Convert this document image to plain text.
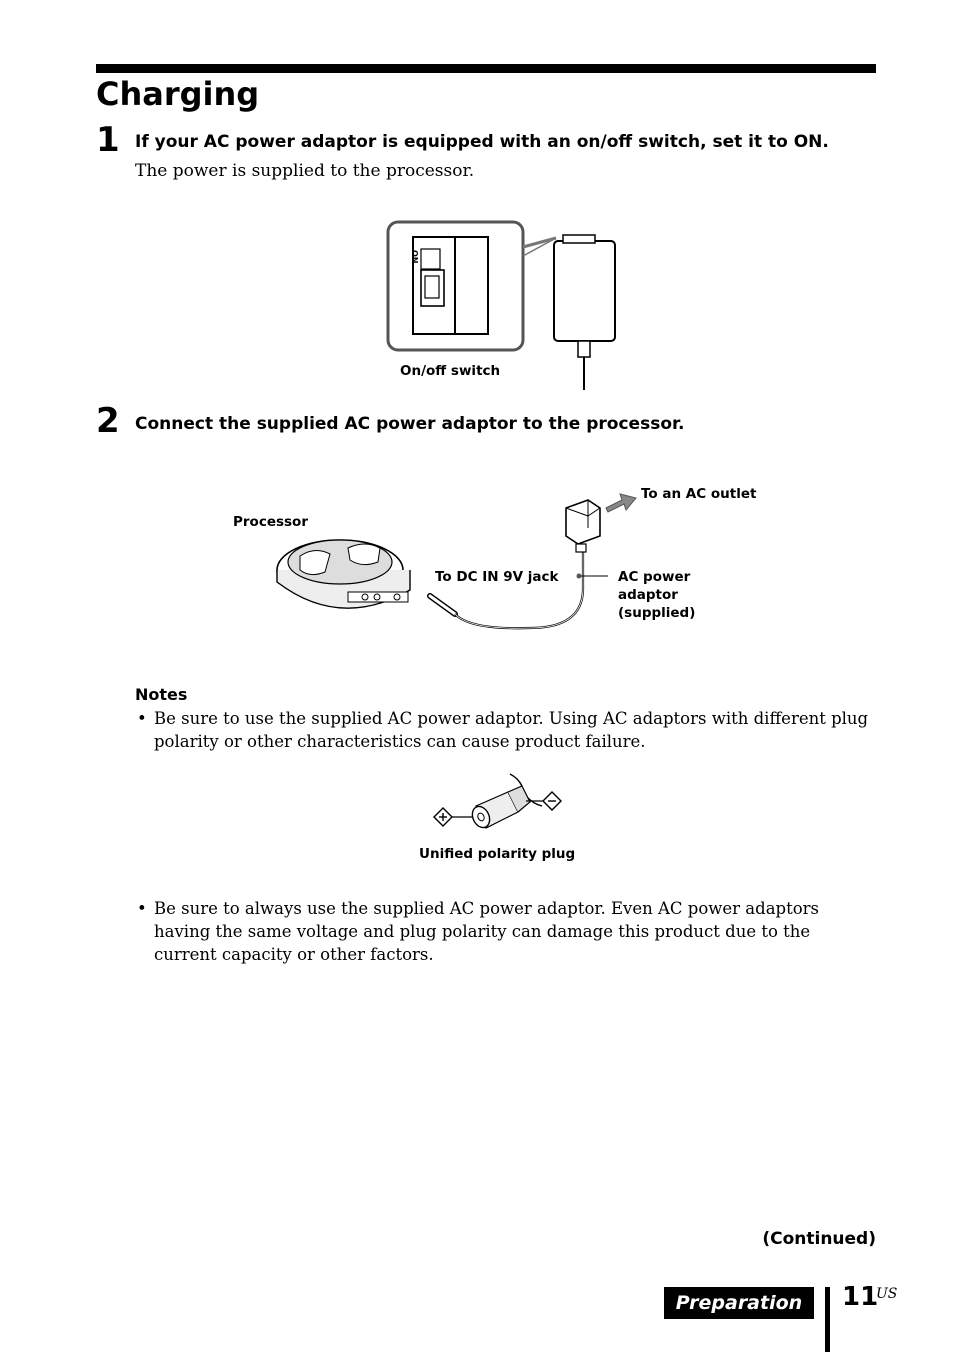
Charging
1 If your AC power adaptor is equipped with an on/off switch, set it to ON.
The power is supplied to the processor.
ON
On/off switch
2 Connect the supplied AC power adaptor to the processor.
Processor
To an AC outlet
To DC IN 9V jack	AC power
adaptor
(supplied)
Notes
• Be sure to use the supplied AC power adaptor. Using AC adaptors with different plug polarity or other characteristics can cause product failure.
Unified polarity plug
• Be sure to always use the supplied AC power adaptor. Even AC power adaptors having the same voltage and plug polarity can damage this product due to the current capacity or other factors.
(Continued)
Preparation	11
US
